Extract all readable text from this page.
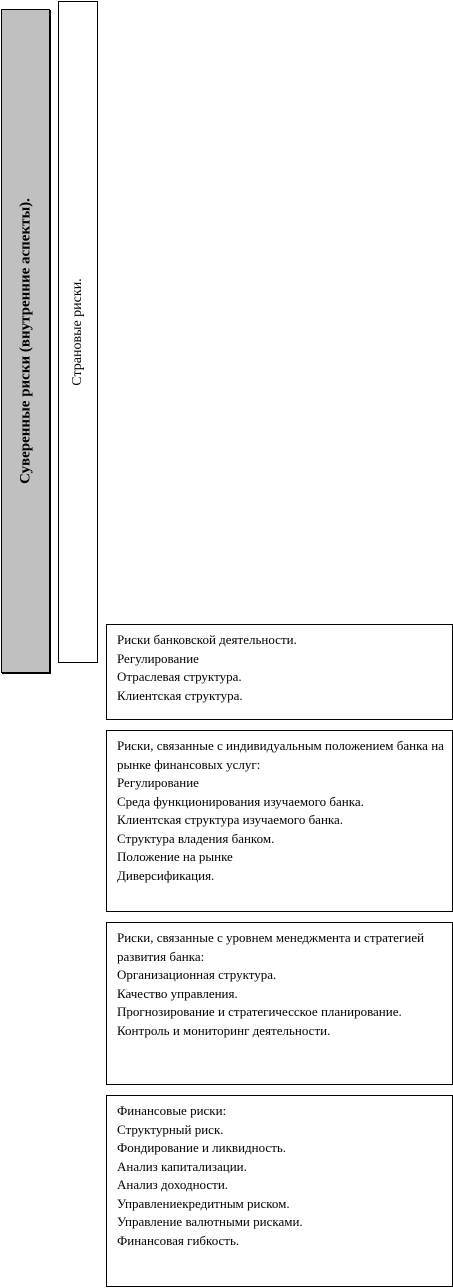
Суверенные риски (внутренние аспекты).	Страновые риски.
Риски банковской деятельности.
Регулирование
Отраслевая структура.
Клиентская структура.
Риски, связанные с индивидуальным положением банка на рынке финансовых услуг:
Регулирование
Среда функционирования изучаемого банка.
Клиентская структура изучаемого банка.
Структура владения банком.
Положение на рынке
Диверсификация.
Риски, связанные с уровнем менеджмента и стратегией развития банка:
Организационная структура.
Качество управления.
Прогнозирование и стратегичесское планирование.
Контроль и мониторинг деятельности.
Финансовые риски:
Структурный риск.
Фондирование и ликвидность.
Анализ капитализации.
Анализ доходности.
Управлениекредитным риском.
Управление валютными рисками.
Финансовая гибкость.
